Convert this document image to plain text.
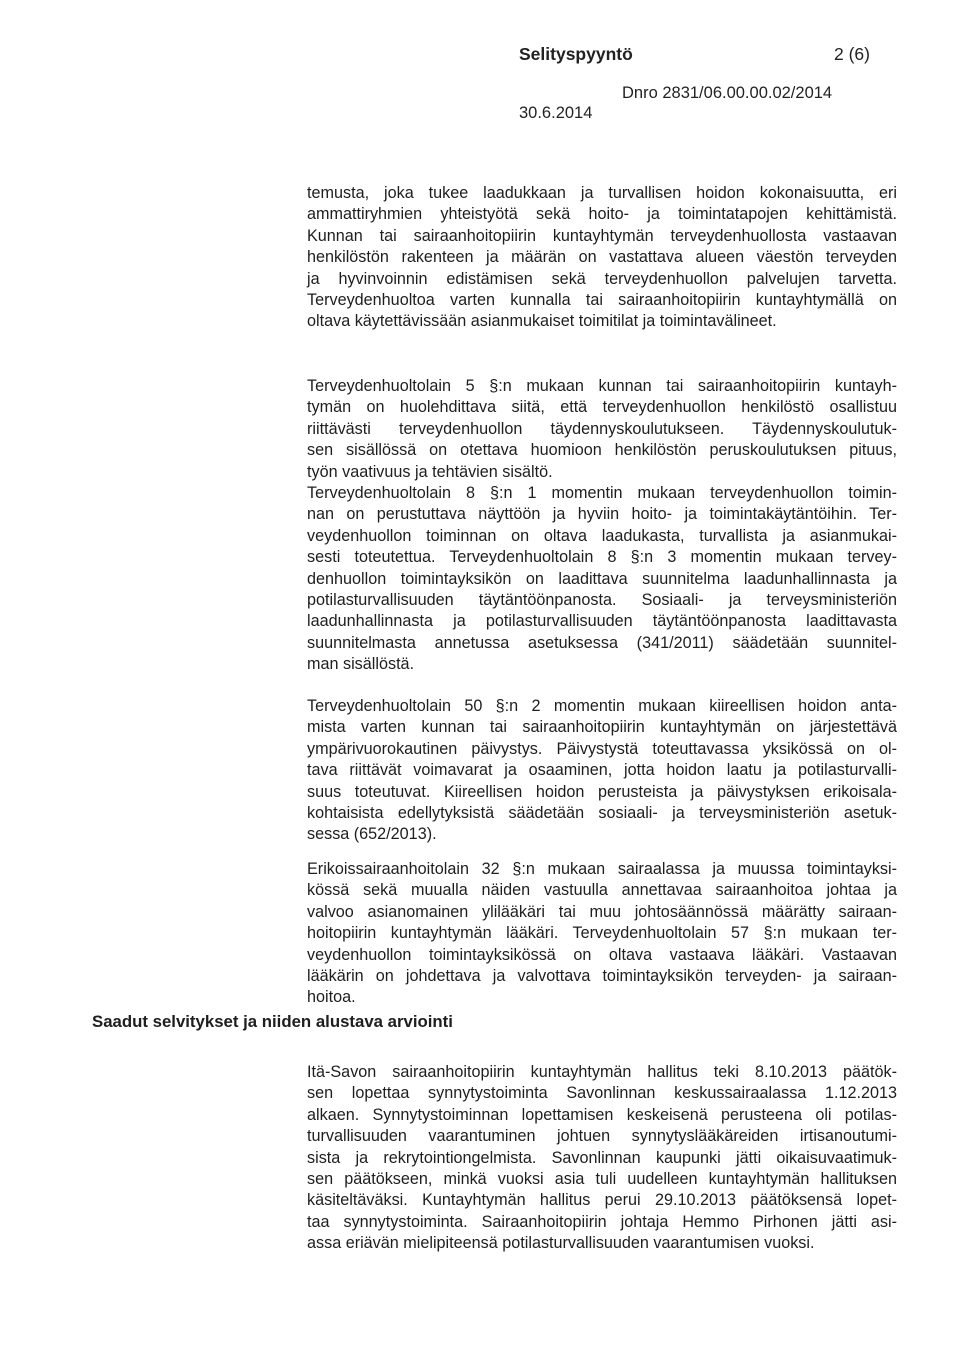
Selityspyyntö	2 (6)
Dnro 2831/06.00.00.02/2014
30.6.2014

temusta, joka tukee laadukkaan ja turvallisen hoidon kokonaisuutta, eri
ammattiryhmien yhteistyötä sekä hoito- ja toimintatapojen kehittämistä.
Kunnan tai sairaanhoitopiirin kuntayhtymän terveydenhuollosta vastaavan
henkilöstön rakenteen ja määrän on vastattava alueen väestön terveyden
ja hyvinvoinnin edistämisen sekä terveydenhuollon palvelujen tarvetta.
Terveydenhuoltoa varten kunnalla tai sairaanhoitopiirin kuntayhtymällä on
oltava käytettävissään asianmukaiset toimitilat ja toimintavälineet.

Terveydenhuoltolain 5 §:n mukaan kunnan tai sairaanhoitopiirin kuntayh-
tymän on huolehdittava siitä, että terveydenhuollon henkilöstö osallistuu
riittävästi terveydenhuollon täydennyskoulutukseen. Täydennyskoulutuk-
sen sisällössä on otettava huomioon henkilöstön peruskoulutuksen pituus,
työn vaativuus ja tehtävien sisältö.

Terveydenhuoltolain 8 §:n 1 momentin mukaan terveydenhuollon toimin-
nan on perustuttava näyttöön ja hyviin hoito- ja toimintakäytäntöihin. Ter-
veydenhuollon toiminnan on oltava laadukasta, turvallista ja asianmukai-
sesti toteutettua. Terveydenhuoltolain 8 §:n 3 momentin mukaan tervey-
denhuollon toimintayksikön on laadittava suunnitelma laadunhallinnasta ja
potilasturvallisuuden täytäntöönpanosta. Sosiaali- ja terveysministeriön
laadunhallinnasta ja potilasturvallisuuden täytäntöönpanosta laadittavasta
suunnitelmasta annetussa asetuksessa (341/2011) säädetään suunnitel-
man sisällöstä.

Terveydenhuoltolain 50 §:n 2 momentin mukaan kiireellisen hoidon anta-
mista varten kunnan tai sairaanhoitopiirin kuntayhtymän on järjestettävä
ympärivuorokautinen päivystys. Päivystystä toteuttavassa yksikössä on ol-
tava riittävät voimavarat ja osaaminen, jotta hoidon laatu ja potilasturvalli-
suus toteutuvat. Kiireellisen hoidon perusteista ja päivystyksen erikoisala-
kohtaisista edellytyksistä säädetään sosiaali- ja terveysministeriön asetuk-
sessa (652/2013).

Erikoissairaanhoitolain 32 §:n mukaan sairaalassa ja muussa toimintayksi-
kössä sekä muualla näiden vastuulla annettavaa sairaanhoitoa johtaa ja
valvoo asianomainen ylilääkäri tai muu johtosäännössä määrätty sairaan-
hoitopiirin kuntayhtymän lääkäri. Terveydenhuoltolain 57 §:n mukaan ter-
veydenhuollon toimintayksikössä on oltava vastaava lääkäri. Vastaavan
lääkärin on johdettava ja valvottava toimintayksikön terveyden- ja sairaan-
hoitoa.

Itä-Savon sairaanhoitopiirin kuntayhtymän hallitus teki 8.10.2013 päätök-
sen lopettaa synnytystoiminta Savonlinnan keskussairaalassa 1.12.2013
alkaen. Synnytystoiminnan lopettamisen keskeisenä perusteena oli potilas-
turvallisuuden vaarantuminen johtuen synnytyslääkäreiden irtisanoutumi-
sista ja rekrytointiongelmista. Savonlinnan kaupunki jätti oikaisuvaatimuk-
sen päätökseen, minkä vuoksi asia tuli uudelleen kuntayhtymän hallituksen
käsiteltäväksi. Kuntayhtymän hallitus perui 29.10.2013 päätöksensä lopet-
taa synnytystoiminta. Sairaanhoitopiirin johtaja Hemmo Pirhonen jätti asi-
assa eriävän mielipiteensä potilasturvallisuuden vaarantumisen vuoksi.

Saadut selvitykset ja niiden alustava arviointi
